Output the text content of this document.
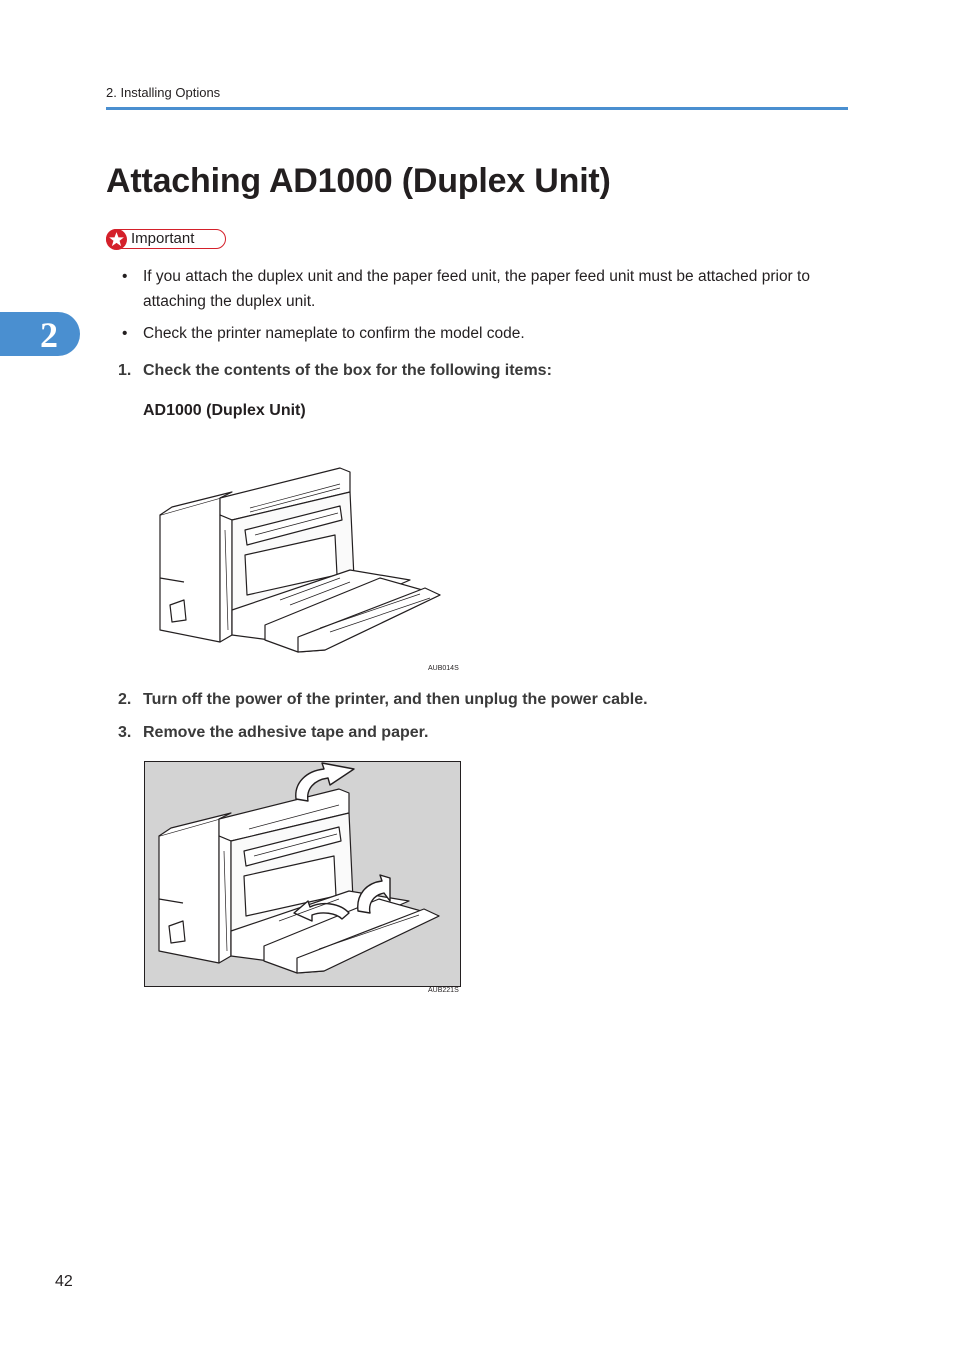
2. Installing Options
Attaching AD1000 (Duplex Unit)
Important
• If you attach the duplex unit and the paper feed unit, the paper feed unit must be attached prior to attaching the duplex unit.
• Check the printer nameplate to confirm the model code.
2
1. Check the contents of the box for the following items:
AD1000 (Duplex Unit)
AUB014S
2. Turn off the power of the printer, and then unplug the power cable.
3. Remove the adhesive tape and paper.
AUB221S
42
